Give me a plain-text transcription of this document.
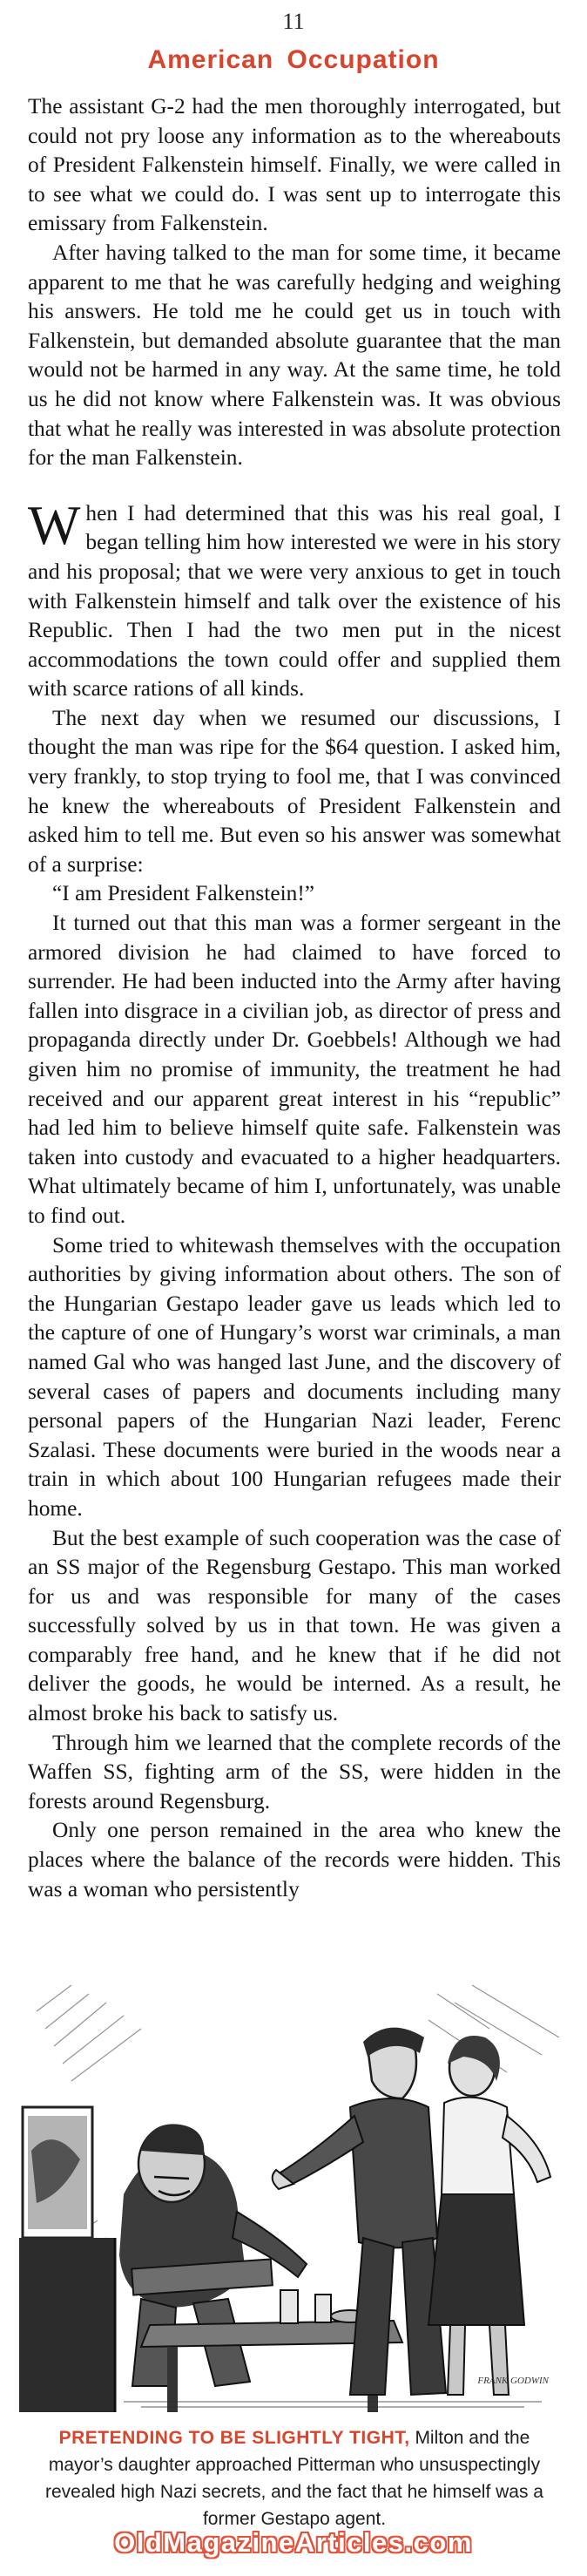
11
American Occupation

The assistant G-2 had the men thoroughly interrogated, but could not pry loose any information as to the whereabouts of President Falkenstein himself. Finally, we were called in to see what we could do. I was sent up to interrogate this emissary from Falkenstein.

After having talked to the man for some time, it became apparent to me that he was carefully hedging and weighing his answers. He told me he could get us in touch with Falkenstein, but demanded absolute guarantee that the man would not be harmed in any way. At the same time, he told us he did not know where Falkenstein was. It was obvious that what he really was interested in was absolute protection for the man Falkenstein.

When I had determined that this was his real goal, I began telling him how interested we were in his story and his proposal; that we were very anxious to get in touch with Falkenstein himself and talk over the existence of his Republic. Then I had the two men put in the nicest accommodations the town could offer and supplied them with scarce rations of all kinds.

The next day when we resumed our discussions, I thought the man was ripe for the $64 question. I asked him, very frankly, to stop trying to fool me, that I was convinced he knew the whereabouts of President Falkenstein and asked him to tell me. But even so his answer was somewhat of a surprise:

“I am President Falkenstein!”

It turned out that this man was a former sergeant in the armored division he had claimed to have forced to surrender. He had been inducted into the Army after having fallen into disgrace in a civilian job, as director of press and propaganda directly under Dr. Goebbels! Although we had given him no promise of immunity, the treatment he had received and our apparent great interest in his “republic” had led him to believe himself quite safe. Falkenstein was taken into custody and evacuated to a higher headquarters. What ultimately became of him I, unfortunately, was unable to find out.

Some tried to whitewash themselves with the occupation authorities by giving information about others. The son of the Hungarian Gestapo leader gave us leads which led to the capture of one of Hungary’s worst war criminals, a man named Gal who was hanged last June, and the discovery of several cases of papers and documents including many personal papers of the Hungarian Nazi leader, Ferenc Szalasi. These documents were buried in the woods near a train in which about 100 Hungarian refugees made their home.

But the best example of such cooperation was the case of an SS major of the Regensburg Gestapo. This man worked for us and was responsible for many of the cases successfully solved by us in that town. He was given a comparably free hand, and he knew that if he did not deliver the goods, he would be interned. As a result, he almost broke his back to satisfy us.

Through him we learned that the complete records of the Waffen SS, fighting arm of the SS, were hidden in the forests around Regensburg.

Only one person remained in the area who knew the places where the balance of the records were hidden. This was a woman who persistently

FRANK GODWIN
PRETENDING TO BE SLIGHTLY TIGHT, Milton and the mayor’s daughter approached Pitterman who unsuspectingly revealed high Nazi secrets, and the fact that he himself was a former Gestapo agent.
OldMagazineArticles.com
